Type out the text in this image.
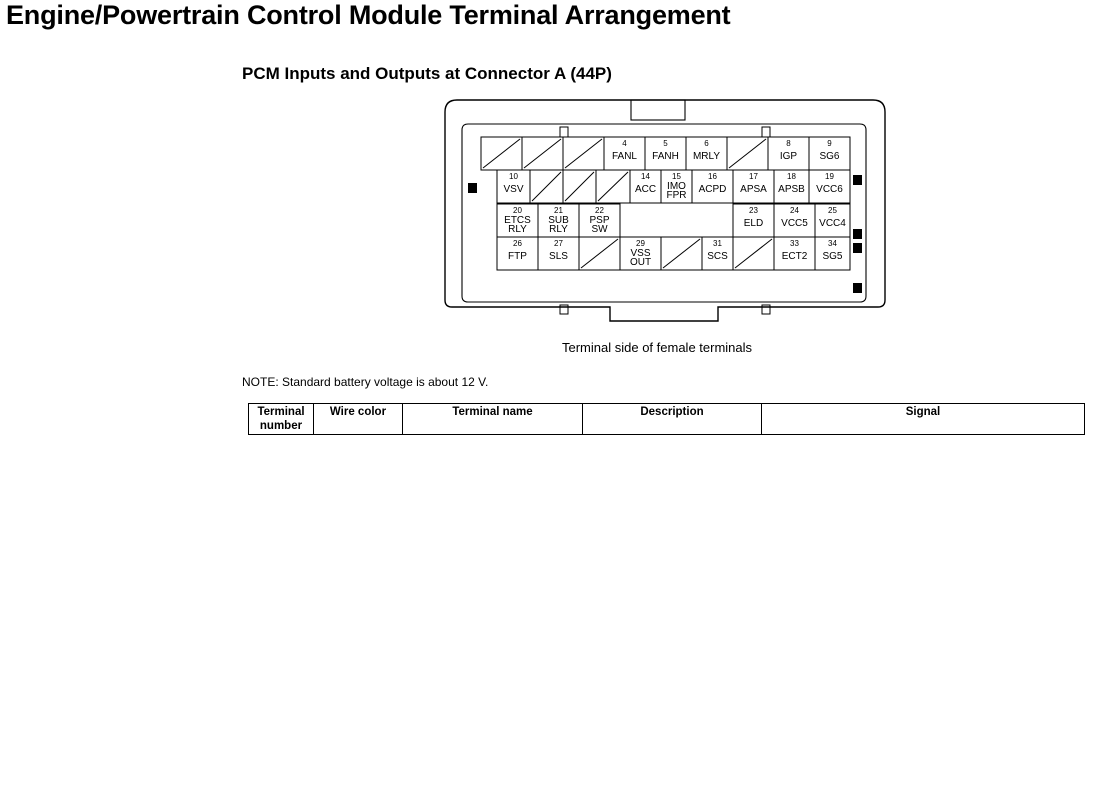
Engine/Powertrain Control Module Terminal Arrangement
PCM Inputs and Outputs at Connector A (44P)
4
FANL
5
FANH
6
MRLY
8
IGP
9
SG6
10
VSV
14
ACC
15
IMO
FPR
16
ACPD
17
APSA
18
APSB
19
VCC6
20
ETCS
RLY
21
SUB
RLY
22
PSP
SW
23
ELD
24
VCC5
25
VCC4
26
FTP
27
SLS
29
VSS
OUT
31
SCS
33
ECT2
34
SG5
Terminal side of female terminals
NOTE: Standard battery voltage is about 12 V.
Terminal number	Wire color	Terminal name	Description	Signal
